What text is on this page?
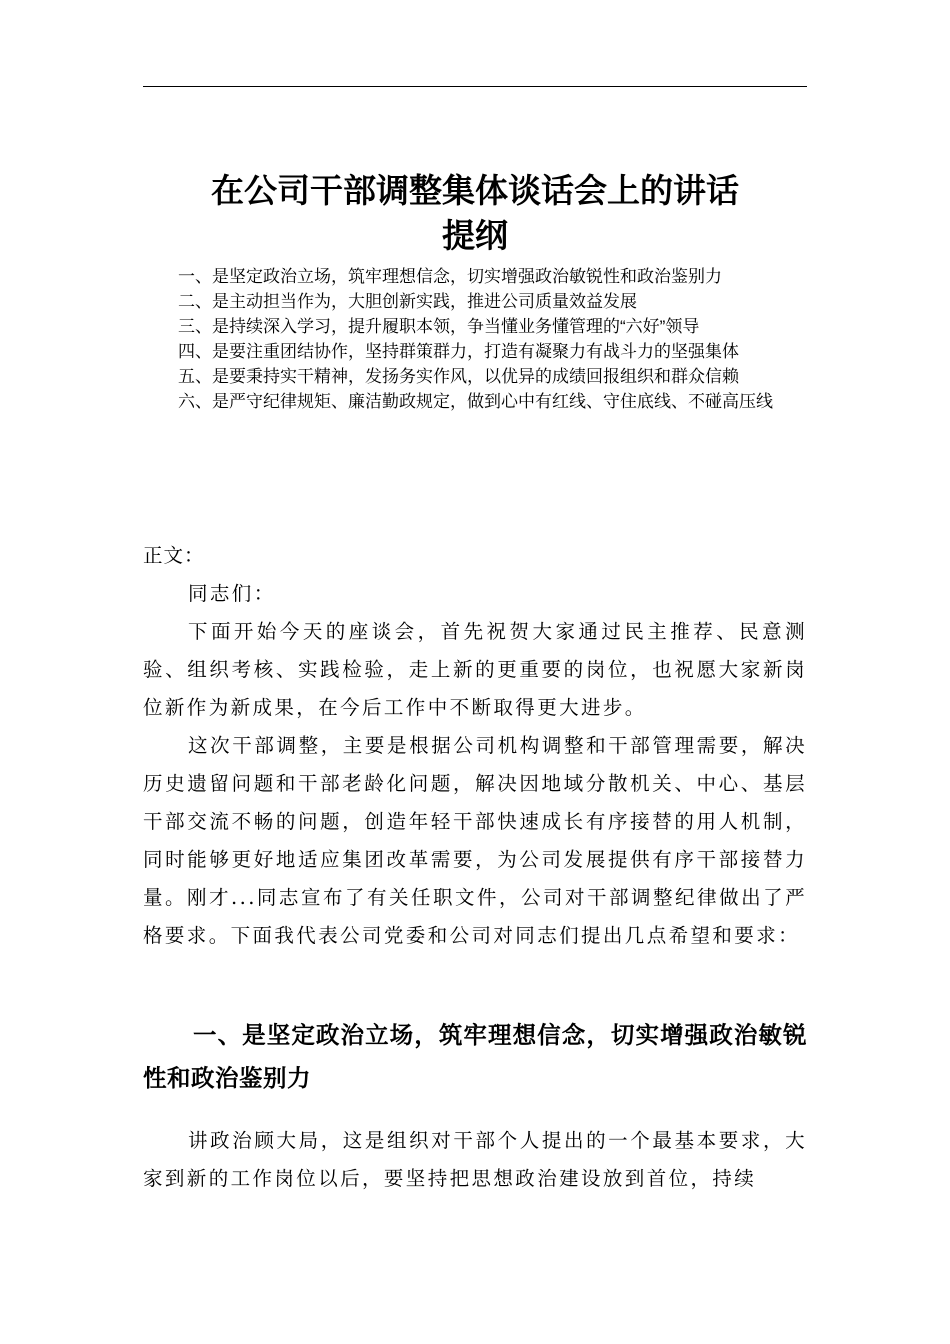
在公司干部调整集体谈话会上的讲话
提纲

一、是坚定政治立场，筑牢理想信念，切实增强政治敏锐性和政治鉴别力

二、是主动担当作为，大胆创新实践，推进公司质量效益发展

三、是持续深入学习，提升履职本领，争当懂业务懂管理的“六好”领导

四、是要注重团结协作，坚持群策群力，打造有凝聚力有战斗力的坚强集体

五、是要秉持实干精神，发扬务实作风，以优异的成绩回报组织和群众信赖

六、是严守纪律规矩、廉洁勤政规定，做到心中有红线、守住底线、不碰高压线

正文：
同志们：
下面开始今天的座谈会，首先祝贺大家通过民主推荐、民意测验、组织考核、实践检验，走上新的更重要的岗位，也祝愿大家新岗位新作为新成果，在今后工作中不断取得更大进步。
这次干部调整，主要是根据公司机构调整和干部管理需要，解决历史遗留问题和干部老龄化问题，解决因地域分散机关、中心、基层干部交流不畅的问题，创造年轻干部快速成长有序接替的用人机制，同时能够更好地适应集团改革需要，为公司发展提供有序干部接替力量。刚才...同志宣布了有关任职文件，公司对干部调整纪律做出了严格要求。下面我代表公司党委和公司对同志们提出几点希望和要求：
一、是坚定政治立场，筑牢理想信念，切实增强政治敏锐性和政治鉴别力
讲政治顾大局，这是组织对干部个人提出的一个最基本要求，大家到新的工作岗位以后，要坚持把思想政治建设放到首位，持续
